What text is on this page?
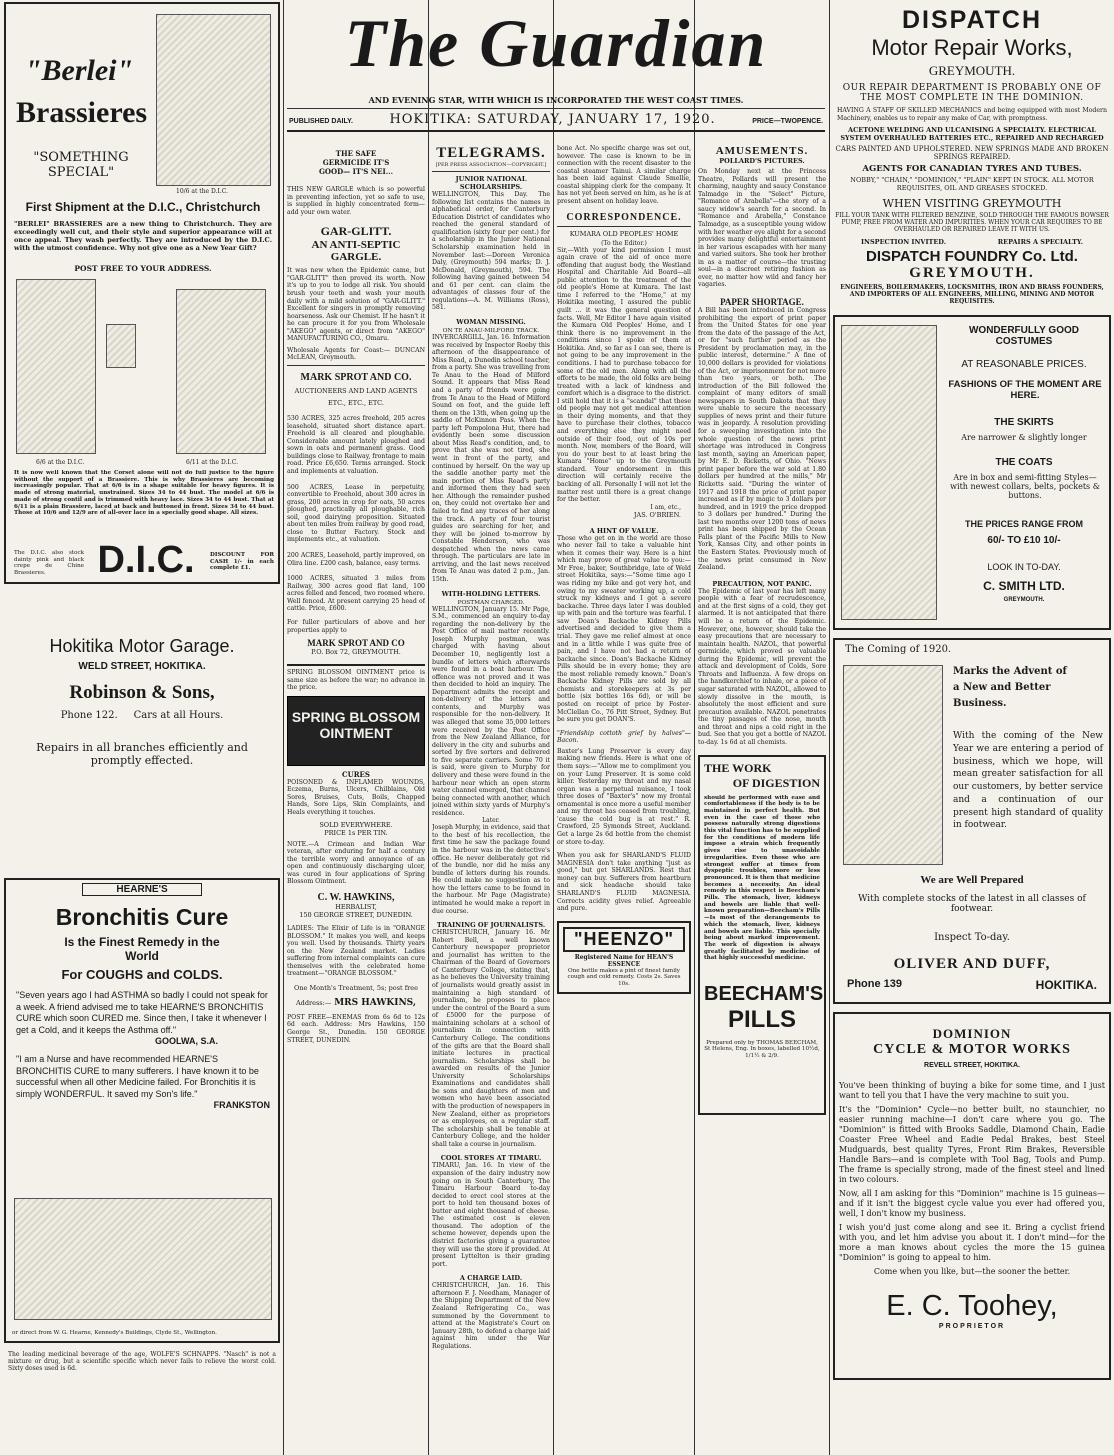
"Berlei"
Brassieres
"SOMETHING SPECIAL"
10/6 at the D.I.C.
First Shipment at the D.I.C., Christchurch
"BERLEI" BRASSIERES are a new thing to Christchurch. They are exceedingly well cut, and their style and superior appearance will at once appeal. They wash perfectly. They are introduced by the D.I.C. with the utmost confidence. Why not give one as a New Year Gift?
POST FREE TO YOUR ADDRESS.
6/6 at the D.I.C.	6/11 at the D.I.C.
It is now well known that the Corset alone will not do full justice to the figure without the support of a Brassiere. This is why Brassieres are becoming increasingly popular. That at 6/6 is in a shape suitable for heavy figures. It is made of strong material, unstrained. Sizes 34 to 44 bust. The model at 6/6 is made of strong contil and is trimmed with heavy lace. Sizes 34 to 44 bust. That at 6/11 is a plain Brassiere, laced at back and buttoned in front. Sizes 34 to 44 bust. Those at 10/6 and 12/9 are of all-over lace in a specially good shape. All sizes.
The D.I.C. also stock dainty pink and black crepe de Chine Brassieres.	D.I.C.	DISCOUNT FOR CASH 1/- in each complete £1.
Hokitika Motor Garage.
WELD STREET, HOKITIKA.
Robinson & Sons,
Phone 122. Cars at all Hours.
Repairs in all branches efficiently and promptly effected.
HEARNE'S
Bronchitis Cure
Is the Finest Remedy in the World
For COUGHS and COLDS.
"Seven years ago I had ASTHMA so badly I could not speak for a week. A friend advised me to take HEARNE'S BRONCHITIS CURE which soon CURED me. Since then, I take it whenever I get a Cold, and it keeps the Asthma off."
GOOLWA, S.A.
"I am a Nurse and have recommended HEARNE'S BRONCHITIS CURE to many sufferers. I have known it to be successful when all other Medicine failed. For Bronchitis it is simply WONDERFUL. It saved my Son's life."
FRANKSTON
or direct from W. G. Hearne, Kennedy's Buildings, Clyde St., Wellington.
The leading medicinal beverage of the age, WOLFE'S SCHNAPPS. "Nasch" is not a mixture or drug, but a scientific specific which never fails to relieve the worst cold. Sixty doses used is 6d.
The Guardian
AND EVENING STAR, WITH WHICH IS INCORPORATED THE WEST COAST TIMES.
PUBLISHED DAILY.	HOKITIKA: SATURDAY, JANUARY 17, 1920.	PRICE—TWOPENCE.
THE SAFE GERMICIDE IT'S GOOD— IT'S NEI...
THIS NEW GARGLE which is so powerful in preventing infection, yet so safe to use, is supplied in highly concentrated form—add your own water.
GAR-GLITT.
AN ANTI-SEPTIC GARGLE.
It was new when the Epidemic came, but "GAR-GLITT" then proved its worth. Now it's up to you to lodge all risk. You should brush your teeth and wash your mouth daily with a mild solution of "GAR-GLITT." Excellent for singers in promptly removing hoarseness. Ask our Chemist. If he hasn't it he can procure it for you from Wholesale "AKEGO" agents, or direct from "AKEGO" MANUFACTURING CO., Omaru.
Wholesale Agents for Coast:— DUNCAN McLEAN, Greymouth.
MARK SPROT AND CO.
AUCTIONEERS AND LAND AGENTS
ETC., ETC., ETC.
530 ACRES, 325 acres freehold, 205 acres leasehold, situated short distance apart. Freehold is all cleared and ploughable. Considerable amount lately ploughed and sown in oats and permanent grass. Good buildings close to Railway, frontage to main road. Price £6,650. Terms arranged. Stock and implements at valuation.
500 ACRES, Lease in perpetuity, convertible to Freehold, about 300 acres in grass, 200 acres in crop for oats, 50 acres ploughed, practically all ploughable, rich soil, good dairying proposition. Situated about ten miles from railway by good road, close to Butter Factory. Stock and implements etc., at valuation.
200 ACRES, Leasehold, partly improved, on Olira line. £200 cash, balance, easy terms.
1000 ACRES, situated 3 miles from Railway, 300 acres good flat land, 100 acres felled and fenced, two roomed where. Well fenced. At present carrying 25 head of cattle. Price, £600.
For fuller particulars of above and her properties apply to
MARK SPROT AND CO
P.O. Box 72, GREYMOUTH.
SPRING BLOSSOM OINTMENT price is same size as before the war; no advance in the price.
SPRING BLOSSOM OINTMENT
CURES
POISONED & INFLAMED WOUNDS, Eczema, Burns, Ulcers, Chilblains, Old Sores, Bruises, Cuts, Boils, Chapped Hands, Sore Lips, Skin Complaints, and Heals everything it touches.
SOLD EVERYWHERE.
PRICE 1s PER TIN.
NOTE.—A Crimean and Indian War veteran, after enduring for half a century the terrible worry and annoyance of an open and continuously discharging ulcer, was cured in four applications of Spring Blossom Ointment.
C. W. HAWKINS,
HERBALIST,
150 GEORGE STREET, DUNEDIN.
LADIES: The Elixir of Life is in "ORANGE BLOSSOM." It makes you well, and keeps you well. Used by thousands. Thirty years on the New Zealand market. Ladies suffering from internal complaints can cure themselves with the celebrated home treatment—"ORANGE BLOSSOM."
One Month's Treatment, 5s; post free
Address:— MRS HAWKINS,
POST FREE—ENEMAS from 6s 6d to 12s 6d each. Address: Mrs Hawkins, 150 George St., Dunedin. 150 GEORGE STREET, DUNEDIN.
TELEGRAMS.
[PER PRESS ASSOCIATION—COPYRIGHT.]
JUNIOR NATIONAL SCHOLARSHIPS.
WELLINGTON, This Day. The following list contains the names in alphabetical order, for Canterbury Education District of candidates who reached the general standard of qualification (sixty four per cent.) for a scholarship in the Junior National Scholarship examination held in November last:—Doreen Veronica Daly, (Greymouth) 594 marks; D. J. McDonald, (Greymouth), 594. The following having gained between 54 and 61 per cent. can claim the advantages of classes four of the regulations—A. M. Williams (Ross), 581.
WOMAN MISSING.
ON TE ANAU-MILFORD TRACK.
INVERCARGILL, Jan. 16. Information was received by Inspector Roeby this afternoon of the disappearance of Miss Read, a Dunedin school teacher, from a party. She was travelling from Te Anau to the Head of Milford Sound. It appears that Miss Read and a party of friends were going from Te Anau to the Head of Milford Sound on foot, and the guide left them on the 13th, when going up the saddle of McKinnon Pass. When the party left Pompolona Hut, there had evidently been some discussion about Miss Read's condition, and, to prove that she was not tired, she went in front of the party, and continued by herself. On the way up the saddle another party met the main portion of Miss Read's party and informed them they had seen her. Although the remainder pushed on, they could not overtake her and failed to find any traces of her along the track. A party of four tourist guides are searching for her, and they will be joined to-morrow by Constable Henderson, who was despatched when the news came through. The particulars are late in arriving, and the last news received from Te Anau was dated 2 p.m., Jan. 15th.
WITH-HOLDING LETTERS.
POSTMAN CHARGED.
WELLINGTON, January 15. Mr Page, S.M., commenced an enquiry to-day regarding the non-delivery by the Post Office of mail matter recently. Joseph Murphy postman, was charged with having about December 10, negligently lost a bundle of letters which afterwards were found in a boat harbour. The offence was not proved and it was then decided to hold an inquiry. The Department admits the receipt and non-delivery of the letters and contents, and Murphy was responsible for the non-delivery. It was alleged that some 35,000 letters were received by the Post Office from the New Zealand Alliance, for delivery in the city and suburbs and sorted by five sorters and delivered to five separate carriers. Some 70 it is said, were given to Murphy for delivery and these were found in the harbour near which an open storm water channel emerged, that channel being connected with another, which joined within sixty yards of Murphy's residence.
Later.
Joseph Murphy, in evidence, said that to the best of his recollection, the first time he saw the package found in the harbour was in the detective's office. He never deliberately got rid of the bundle, nor did he miss any bundle of letters during his rounds. He could make no suggestion as to how the letters came to be found in the harbour. Mr Page (Magistrate) intimated he would make a report in due course.
TRAINING OF JOURNALISTS.
CHRISTCHURCH, January 16. Mr Robert Bell, a well known Canterbury newspaper proprietor and journalist has written to the Chairman of the Board of Governors of Canterbury College, stating that, as he believes the University training of journalists would greatly assist in maintaining a high standard of journalism, he proposes to place under the control of the Board a sum of £5000 for the purpose of maintaining scholars at a school of journalism in connection with Canterbury College. The conditions of the gifts are that the Board shall initiate lectures in practical journalism. Scholarships shall be awarded on results of the Junior University Scholarships Examinations and candidates shall be sons and daughters of men and women who have been associated with the production of newspapers in New Zealand, either as proprietors or as employees, on a regular staff. The scholarship shall be tenable at Canterbury College, and the holder shall take a course in journalism.
COOL STORES AT TIMARU.
TIMARU, Jan. 16. In view of the expansion of the dairy industry now going on in South Canterbury, The Timaru Harbour Board to-day decided to erect cool stores at the port to hold ten thousand boxes of butter and eight thousand of cheese. The estimated cost is eleven thousand. The adoption of the scheme however, depends upon the district factories giving a guarantee they will use the store if provided. At present Lyttelton is their grading port.
A CHARGE LAID.
CHRISTCHURCH, Jan. 16. This afternoon F. J. Needham, Manager of the Shipping Department of the New Zealand Refrigerating Co., was summoned by the Government to attend at the Magistrate's Court on January 28th, to defend a charge laid against him under the War Regulations.
bone Act. No specific charge was set out, however. The case is known to be in connection with the recent disaster to the coastal steamer Tainui. A similar charge has been laid against Claude Smellie, coastal shipping clerk for the company. It has not yet been served on him, as he is at present absent on holiday leave.
CORRESPONDENCE.
KUMARA OLD PEOPLES' HOME
(To the Editor.)
Sir,—With your kind permission I must again crave of the aid of once more offending that august body, the Westland Hospital and Charitable Aid Board—all public attention to the treatment of the old people's Home at Kumara. The last time I referred to the "Home," at my Hokitika meeting, I assured the public guilt ... it was the general question of facts. Well, Mr Editor I have again visited the Kumara Old Peoples' Home, and I think there is no improvement in the conditions since I spoke of them at Hokitika. And, so far as I can see, there is not going to be any improvement in the conditions. I had to purchase tobacco for some of the old men. Along with all the efforts to be made, the old folks are being treated with a lack of kindness and comfort which is a disgrace to the district. I still hold that it is a "scandal" that these old people may not get medical attention in their dying moments, and that they have to purchase their clothes, tobacco and everything else they might need outside of their food, out of 10s per month. Now, members of the Board, will you do your best to at least bring the Kumara "Home" up to the Greymouth standard. Your endorsement in this direction will certainly receive the backing of all. Personally I will not let the matter rest until there is a great change for the better.
I am, etc.,
JAS. O'BRIEN.
A HINT OF VALUE.
Those who get on in the world are those who never fail to take a valuable hint when it comes their way. Here is a hint which may prove of great value to you:—Mr Free, baker, Southbridge, late of Weld street Hokitika, says:—"Some time ago I was riding my bike and got very hot, and owing to my sweater working up, a cold struck my kidneys and I got a severe backache. Three days later I was doubled up with pain and the torture was fearful. I saw Doan's Backache Kidney Pills advertised and decided to give them a trial. They gave me relief almost at once and in a little while I was quite free of pain, and I have not had a return of backache since. Doan's Backache Kidney Pills should be in every home; they are the most reliable remedy known." Doan's Backache Kidney Pills are sold by all chemists and storekeepers at 3s per bottle (six bottles 16s 6d), or will be posted on receipt of price by Foster-McClellan Co., 76 Pitt Street, Sydney. But be sure you get DOAN'S.
"Friendship cottoth grief by halves"—Bacon.
Baxter's Lung Preserver is every day making new friends. Here is what one of them says:—"Allow me to compliment you on your Lung Preserver. It is some cold killer. Yesterday my throat and my nasal organ was a perpetual nuisance, I took three doses of "Baxter's" now my frontal ornamental is once more a useful member and my throat has ceased from troubling, 'cause the cold bug is at rest." R. Crawford, 25 Symonds Street, Auckland. Get a large 2s 6d bottle from the chemist or store to-day.
When you ask for SHARLAND'S FLUID MAGNESIA don't take anything "just as good," but get SHARLANDS. Rest that money can buy. Sufferers from heartburn and sick headache should take SHARLAND'S FLUID MAGNESIA. Corrects acidity gives relief. Agreeable and pure.
"HEENZO"
Registered Name for HEAN'S ESSENCE
One bottle makes a pint of finest family cough and cold remedy. Costs 2s. Saves 10s.
AMUSEMENTS.
POLLARD'S PICTURES.
On Monday next at the Princess Theatre, Pollards will present the charming, naughty and saucy Constance Talmadge in the "Select" Picture, "Romance of Arabella"—the story of a saucy widow's search for a second. In "Romance and Arabella," Constance Talmadge, as a susceptible young widow with her weather eye alight for a second provides many delightful entertainment in her various escapades with her many and varied suitors. She took her brother in as a matter of course—the trusting soul—in a discreet retiring fashion as ever, no matter how wild and fancy her vagaries.
PAPER SHORTAGE.
A Bill has been introduced in Congress prohibiting the export of print paper from the United States for one year from the date of the passage of the Act, or for "such further period as the President by proclamation may, in the public interest, determine." A fine of 10,000 dollars is provided for violations of the Act, or imprisonment for not more than two years, or both. The introduction of the Bill followed the complaint of many editors of small newspapers in South Dakota that they were unable to secure the necessary supplies of news print and their future was in jeopardy. A resolution providing for a sweeping investigation into the whole question of the news print shortage was introduced in Congress last month, saying an American paper, by Mr E. D. Ricketts, of Ohio. "News print paper before the war sold at 1.80 dollars per hundred at the mills," Mr Ricketts said. "During the winter of 1917 and 1918 the price of print paper increased as if by magic to 3 dollars per hundred, and in 1919 the price dropped to 3 dollars per hundred." During the last two months over 1200 tons of news print has been shipped by the Ocean Falls plant of the Pacific Mills to New York, Kansas City, and other points in the Eastern States. Previously much of the news print consumed in New Zealand.
PRECAUTION, NOT PANIC.
The Epidemic of last year has left many people with a fear of recrudescence, and at the first signs of a cold, they get alarmed. It is not anticipated that there will be a return of the Epidemic. However, one, however, should take the easy precautions that are necessary to maintain health. NAZOL, that powerful germicide, which proved so valuable during the Epidemic, will prevent the attack and development of Colds, Sore Throats and Influenza. A few drops on the handkerchief to inhale, or a piece of sugar saturated with NAZOL, allowed to slowly dissolve in the mouth, is absolutely the most efficient and sure precaution available. NAZOL penetrates the tiny passages of the nose, mouth and throat and nips a cold right in the bud. See that you get a bottle of NAZOL to-day. 1s 6d at all chemists.
THE WORK
OF DIGESTION
should be performed with ease and comfortableness if the body is to be maintained in perfect health. But even in the case of those who possess naturally strong digestions this vital function has to be supplied for the conditions of modern life impose a strain which frequently gives rise to unavoidable irregularities. Even those who are strongest suffer at times from dyspeptic troubles, more or less pronounced. It is then that medicine becomes a necessity. An ideal remedy in this respect is Beecham's Pills. The stomach, liver, kidneys and bowels are liable that well-known preparation—Beecham's Pills—Is most of the derangements to which the stomach, liver, kidneys and bowels are liable. This specially being about marked improvement. The work of digestion is always greatly facilitated by medicine of that highly successful medicine.
BEECHAM'S
PILLS
Prepared only by THOMAS BEECHAM, St Helens, Eng. In boxes, labelled 10½d, 1/1½ & 2/9.
DISPATCH
Motor Repair Works,
GREYMOUTH.
OUR REPAIR DEPARTMENT IS PROBABLY ONE OF THE MOST COMPLETE IN THE DOMINION.
HAVING A STAFF OF SKILLED MECHANICS and being equipped with most Modern Machinery, enables us to repair any make of Car, with promptness.
ACETONE WELDING AND ULCANISING A SPECIALTY. ELECTRICAL SYSTEM OVERHAULED BATTERIES ETC., REPAIRED AND RECHARGED
CARS PAINTED AND UPHOLSTERED. NEW SPRINGS MADE AND BROKEN SPRINGS REPAIRED.
AGENTS FOR CANADIAN TYRES AND TUBES.
NOBBY," "CHAIN," "DOMINION," "PLAIN" KEPT IN STOCK. ALL MOTOR REQUISITES, OIL AND GREASES STOCKED.
WHEN VISITING GREYMOUTH
FILL YOUR TANK WITH FILTERED BENZINE, SOLD THROUGH THE FAMOUS BOWSER PUMP, FREE FROM WATER AND IMPURITIES. WHEN YOUR CAR REQUIRES TO BE OVERHAULED OR REPAIRED LEAVE IT WITH US.
INSPECTION INVITED.	REPAIRS A SPECIALTY.
DISPATCH FOUNDRY Co. Ltd.
GREYMOUTH.
ENGINEERS, BOILERMAKERS, LOCKSMITHS, IRON AND BRASS FOUNDERS, AND IMPORTERS OF ALL ENGINEERS, MILLING, MINING AND MOTOR REQUISITES.
WONDERFULLY GOOD COSTUMES
AT REASONABLE PRICES.
FASHIONS OF THE MOMENT ARE HERE.
THE SKIRTS
Are narrower & slightly longer
THE COATS
Are in box and semi-fitting Styles—with newest collars, belts, pockets & buttons.
THE PRICES RANGE FROM
60/- TO £10 10/-
LOOK IN TO-DAY.
C. SMITH LTD.
GREYMOUTH.
The Coming of 1920.
Marks the Advent of a New and Better Business.
With the coming of the New Year we are entering a period of business, which we hope, will mean greater satisfaction for all our customers, by better service and a continuation of our present high standard of quality in footwear.
We are Well Prepared
With complete stocks of the latest in all classes of footwear.
Inspect To-day.
OLIVER AND DUFF,
Phone 139	HOKITIKA.
DOMINION
CYCLE & MOTOR WORKS
REVELL STREET, HOKITIKA.
You've been thinking of buying a bike for some time, and I just want to tell you that I have the very machine to suit you.
It's the "Dominion" Cycle—no better built, no staunchier, no easier running machine—I don't care where you go. The "Dominion" is fitted with Brooks Saddle, Diamond Chain, Eadie Coaster Free Wheel and Eadie Pedal Brakes, best Steel Mudguards, best quality Tyres, Front Rim Brakes, Reversible Handle Bars—and is complete with Tool Bag, Tools and Pump. The frame is specially strong, made of the finest steel and lined in two colours.
Now, all I am asking for this "Dominion" machine is 15 guineas—and if it isn't the biggest cycle value you ever had offered you, well, I don't know my business.
I wish you'd just come along and see it. Bring a cyclist friend with you, and let him advise you about it. I don't mind—for the more a man knows about cycles the more the 15 guinea "Dominion" is going to appeal to him.
Come when you like, but—the sooner the better.
E. C. Toohey,
PROPRIETOR
